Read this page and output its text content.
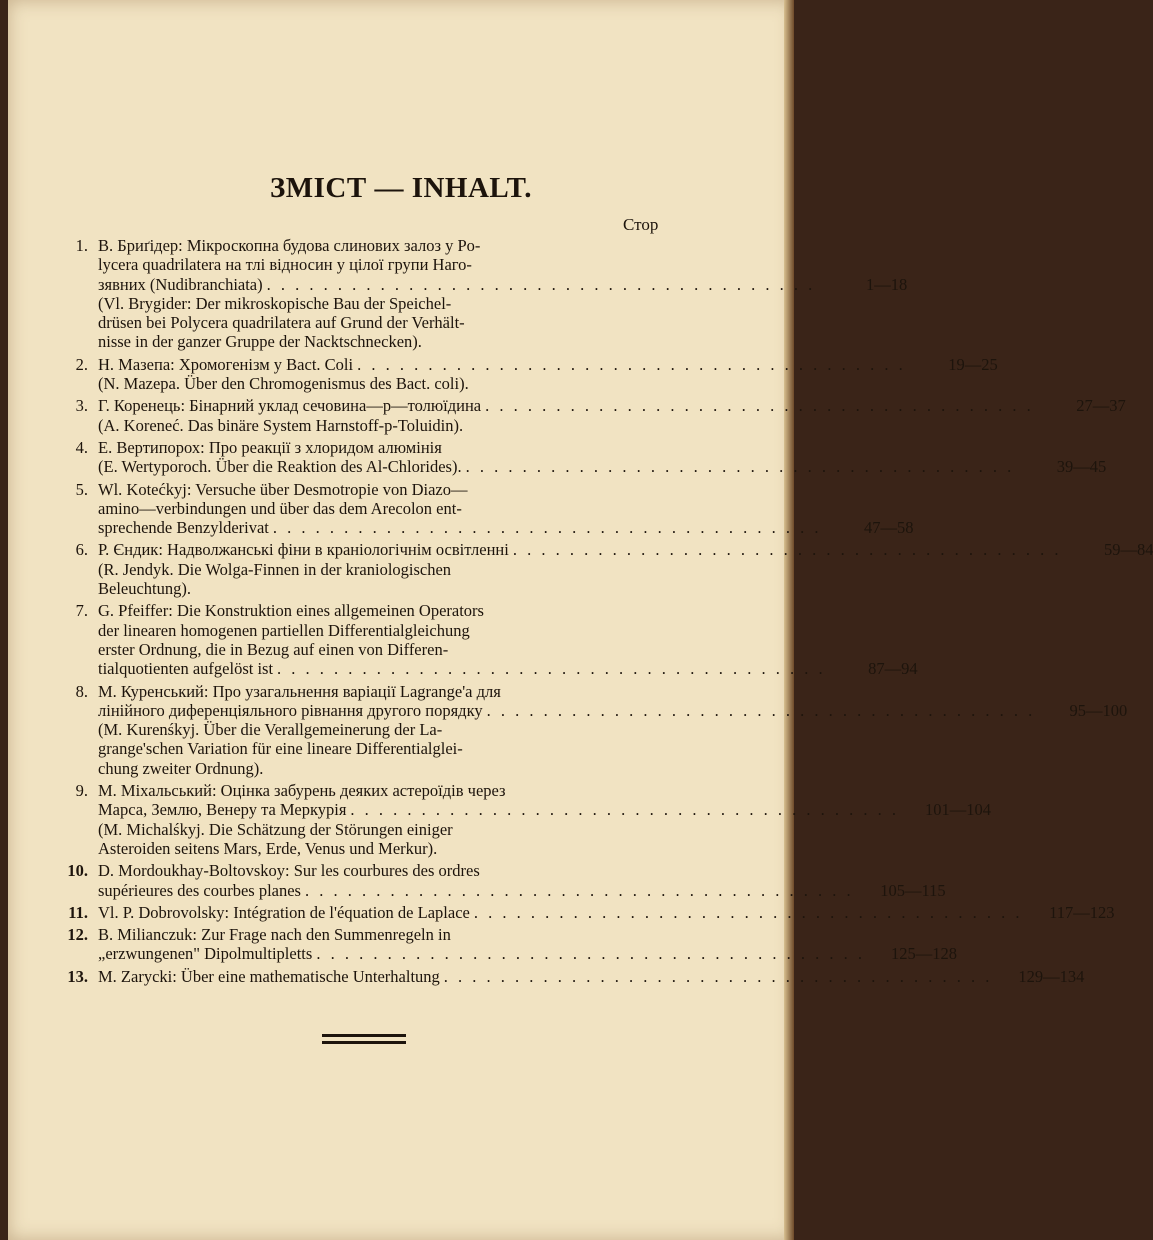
ЗМІСТ — INHALT.
Стор
1. B. Бриґідер: Мікроскопна будова слинових залоз у Po-
lycera quadrilatera на тлі відносин у цілої групи Наго-
зявних (Nudibranchiata) . . . . . . . . . . . . . . . . . . . . . . . . . . . . . . . . . . . . . . .	1—18
(Vl. Brygider: Der mikroskopische Bau der Speichel-
drüsen bei Polycera quadrilatera auf Grund der Verhält-
nisse in der ganzer Gruppe der Nacktschnecken).
2. Н. Мазепа: Хромогенізм у Bact. Coli . . . . . . . . . . . . . . . . . . . . . . . . . . . . . . . . . . . . . . .	19—25
(N. Mazepa. Über den Chromogenismus des Bact. coli).
3. Г. Коренець: Бінарний уклад сечовина—р—толюїдина . . . . . . . . . . . . . . . . . . . . . . . . . . . . . . . . . . . . . . .	27—37
(A. Koreneć. Das binäre System Harnstoff-p-Toluidin).
4. Е. Вертипорох: Про реакції з хлоридом алюмінія
(E. Wertyporoch. Über die Reaktion des Al-Chlorides). . . . . . . . . . . . . . . . . . . . . . . . . . . . . . . . . . . . . . . .	39—45
5. Wl. Kotećkyj: Versuche über Desmotropie von Diazo—
amino—verbindungen und über das dem Arecolon ent-
sprechende Benzylderivat . . . . . . . . . . . . . . . . . . . . . . . . . . . . . . . . . . . . . . .	47—58
6. Р. Єндик: Надволжанські фіни в краніологічнім освітленні . . . . . . . . . . . . . . . . . . . . . . . . . . . . . . . . . . . . . . .	59—84
(R. Jendyk. Die Wolga-Finnen in der kraniologischen
Beleuchtung).
7. G. Pfeiffer: Die Konstruktion eines allgemeinen Operators
der linearen homogenen partiellen Differentialgleichung
erster Ordnung, die in Bezug auf einen von Differen-
tialquotienten aufgelöst ist . . . . . . . . . . . . . . . . . . . . . . . . . . . . . . . . . . . . . . .	87—94
8. М. Куренський: Про узагальнення варіації Lagrange'а для
лінійного диференціяльного рівнання другого порядку . . . . . . . . . . . . . . . . . . . . . . . . . . . . . . . . . . . . . . .	95—100
(M. Kurenśkyj. Über die Verallgemeinerung der La-
grange'schen Variation für eine lineare Differentialglei-
chung zweiter Ordnung).
9. М. Міхальський: Оцінка забурень деяких астероїдів через
Марса, Землю, Венеру та Меркурія . . . . . . . . . . . . . . . . . . . . . . . . . . . . . . . . . . . . . . .	101—104
(M. Michalśkyj. Die Schätzung der Störungen einiger
Asteroiden seitens Mars, Erde, Venus und Merkur).
10. D. Mordoukhay-Boltovskoy: Sur les courbures des ordres
supérieures des courbes planes . . . . . . . . . . . . . . . . . . . . . . . . . . . . . . . . . . . . . . .	105—115
11. Vl. P. Dobrovolsky: Intégration de l'équation de Laplace . . . . . . . . . . . . . . . . . . . . . . . . . . . . . . . . . . . . . . .	117—123
12. B. Milianczuk: Zur Frage nach den Summenregeln in
„erzwungenen" Dipolmultipletts . . . . . . . . . . . . . . . . . . . . . . . . . . . . . . . . . . . . . . .	125—128
13. M. Zarycki: Über eine mathematische Unterhaltung . . . . . . . . . . . . . . . . . . . . . . . . . . . . . . . . . . . . . . .	129—134
